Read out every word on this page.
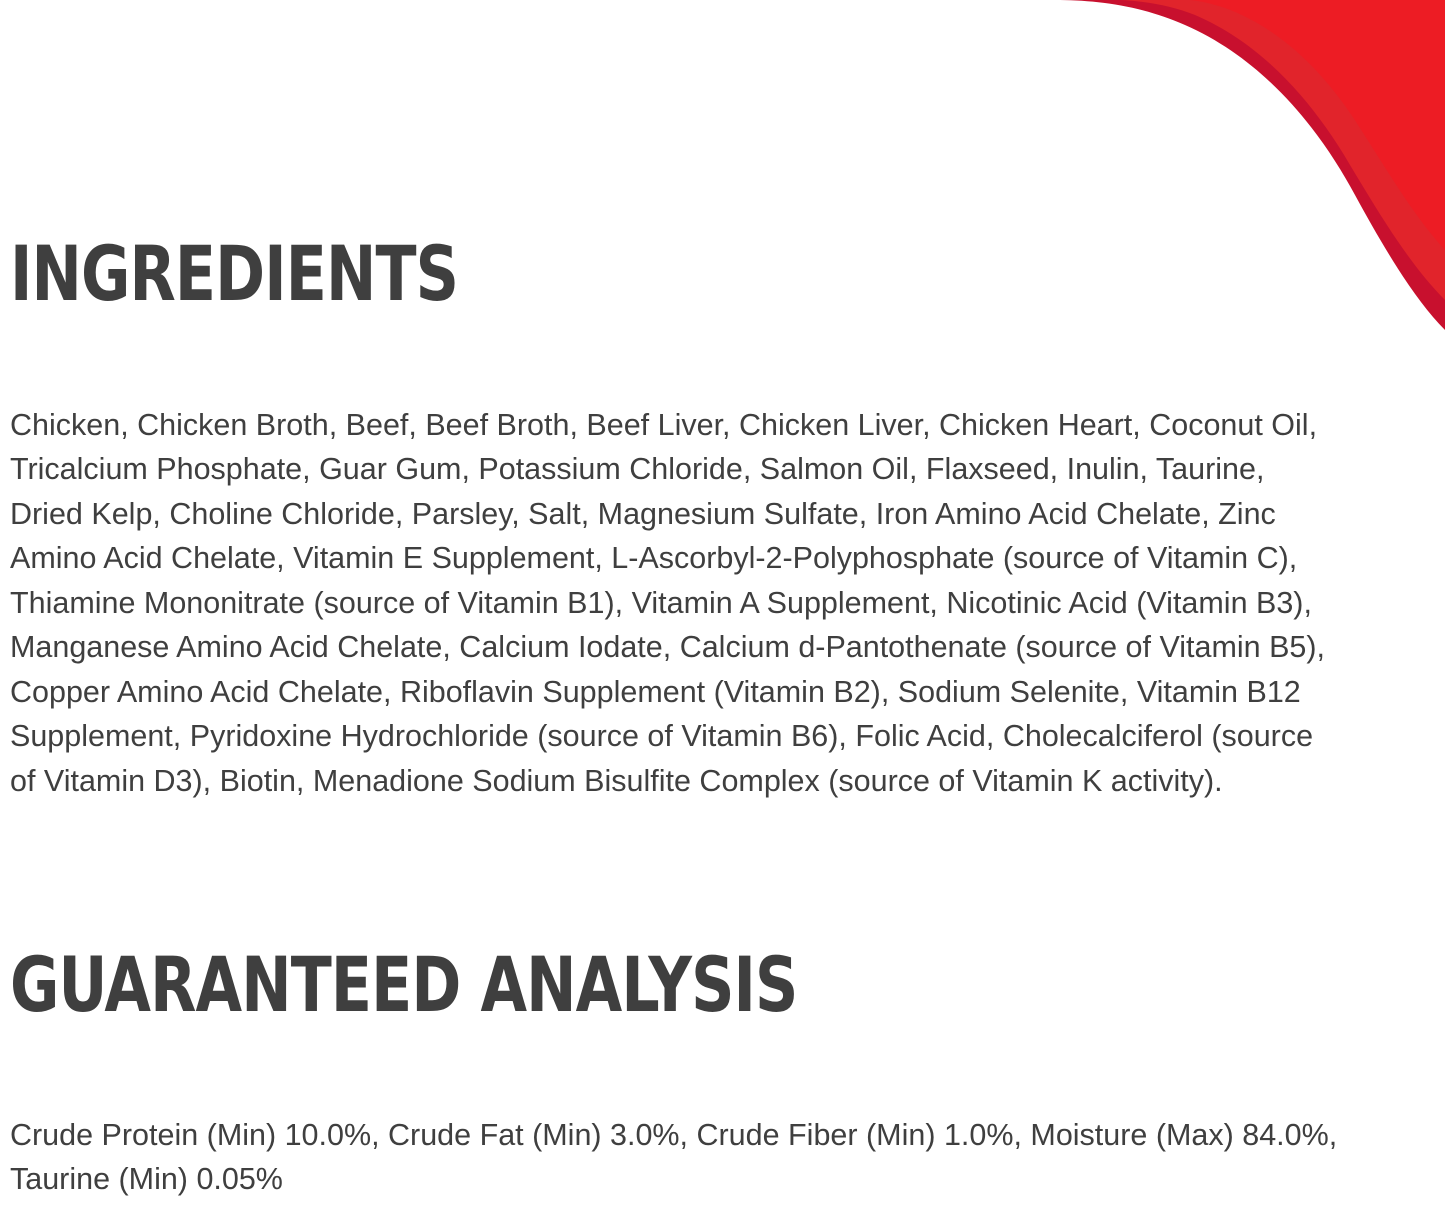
INGREDIENTS

Chicken, Chicken Broth, Beef, Beef Broth, Beef Liver, Chicken Liver, Chicken Heart, Coconut Oil, Tricalcium Phosphate, Guar Gum, Potassium Chloride, Salmon Oil, Flaxseed, Inulin, Taurine, Dried Kelp, Choline Chloride, Parsley, Salt, Magnesium Sulfate, Iron Amino Acid Chelate, Zinc Amino Acid Chelate, Vitamin E Supplement, L-Ascorbyl-2-Polyphosphate (source of Vitamin C), Thiamine Mononitrate (source of Vitamin B1), Vitamin A Supplement, Nicotinic Acid (Vitamin B3), Manganese Amino Acid Chelate, Calcium Iodate, Calcium d-Pantothenate (source of Vitamin B5), Copper Amino Acid Chelate, Riboflavin Supplement (Vitamin B2), Sodium Selenite, Vitamin B12 Supplement, Pyridoxine Hydrochloride (source of Vitamin B6), Folic Acid, Cholecalciferol (source of Vitamin D3), Biotin, Menadione Sodium Bisulfite Complex (source of Vitamin K activity).

GUARANTEED ANALYSIS

Crude Protein (Min) 10.0%, Crude Fat (Min) 3.0%, Crude Fiber (Min) 1.0%, Moisture (Max) 84.0%, Taurine (Min) 0.05%
